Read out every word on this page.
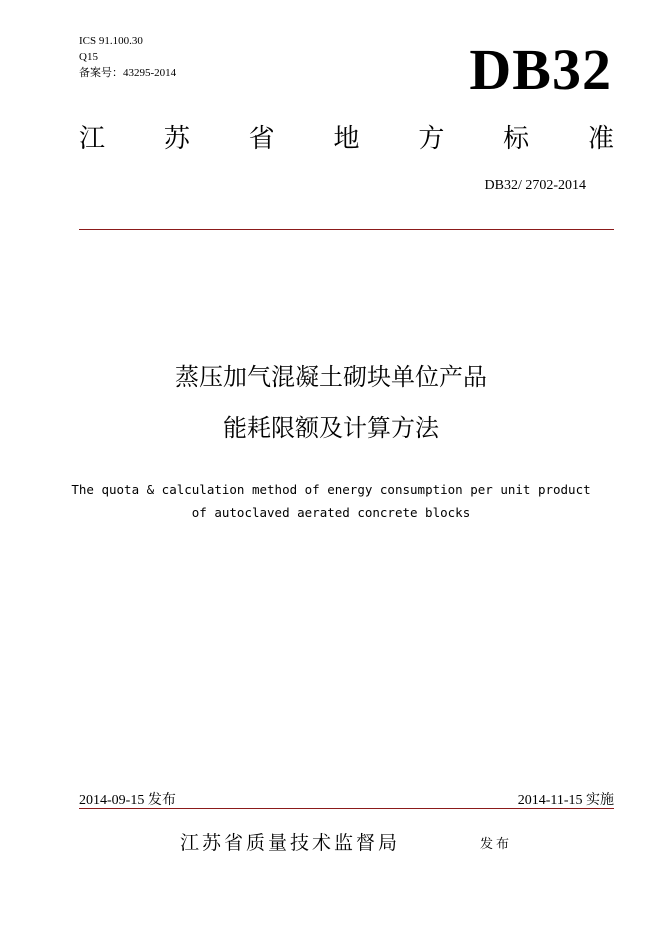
ICS 91.100.30
Q15
备案号：43295-2014	DB32
江 苏 省 地 方 标 准
DB32/ 2702-2014
蒸压加气混凝土砌块单位产品
能耗限额及计算方法
The quota & calculation method of energy consumption per unit product
of autoclaved aerated concrete blocks
2014-09-15 发布	2014-11-15 实施
江苏省质量技术监督局	发布
